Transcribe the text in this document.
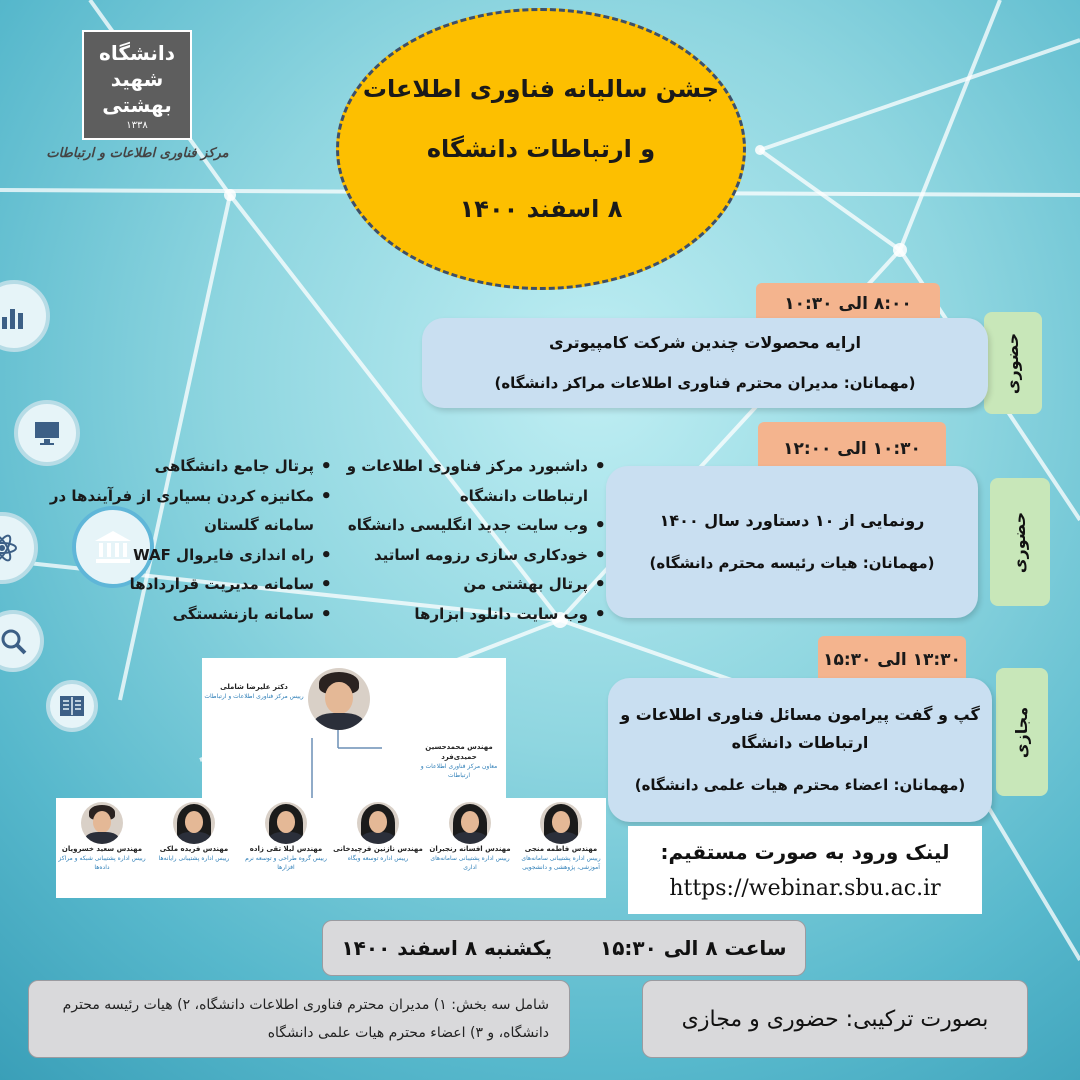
دانشگاه
شهید
بهشتی
۱۳۳۸
مرکز فناوری اطلاعات و ارتباطات
جشن سالیانه فناوری اطلاعات
و ارتباطات دانشگاه
۸ اسفند ۱۴۰۰
۸:۰۰ الی ۱۰:۳۰
حضوری
ارایه محصولات چندین شرکت کامپیوتری
(مهمانان: مدیران محترم فناوری اطلاعات مراکز دانشگاه)
۱۰:۳۰ الی ۱۲:۰۰
حضوری
رونمایی از ۱۰ دستاورد سال ۱۴۰۰
(مهمانان: هیات رئیسه محترم دانشگاه)
۱۳:۳۰ الی ۱۵:۳۰
مجازی
گپ و گفت پیرامون مسائل فناوری اطلاعات و
ارتباطات دانشگاه
(مهمانان: اعضاء محترم هیات علمی دانشگاه)
• داشبورد مرکز فناوری اطلاعات و
ارتباطات دانشگاه
• وب سایت جدید انگلیسی دانشگاه
• خودکاری سازی رزومه اساتید
• پرتال بهشتی من
• وب سایت دانلود ابزارها
• پرتال جامع دانشگاهی
• مکانیزه کردن بسیاری از فرآیندها در
سامانه گلستان
• راه اندازی فایروال WAF
• سامانه مدیریت قراردادها
• سامانه بازنشستگی
دکتر علیرضا شاملی
رییس مرکز فناوری اطلاعات و ارتباطات
مهندس محمدحسین حمیدی‌فرد
معاون مرکز فناوری اطلاعات و ارتباطات
مهندس سعید خسرویان
رییس اداره پشتیبانی شبکه و مراکز داده‌ها
مهندس فریده ملکی
رییس اداره پشتیبانی رایانه‌ها
مهندس لیلا تقی زاده
رییس گروه طراحی و توسعه نرم افزارها
مهندس نازنین فرچیدخانی
رییس اداره توسعه وبگاه
مهندس افسانه رنجبران
رییس اداره پشتیبانی سامانه‌های اداری
مهندس فاطمه منجی
رییس اداره پشتیبانی سامانه‌های آموزشی، پژوهشی و دانشجویی
لینک ورود به صورت مستقیم:
https://webinar.sbu.ac.ir
یکشنبه ۸ اسفند ۱۴۰۰ ساعت ۸ الی ۱۵:۳۰
شامل سه بخش: ۱) مدیران محترم فناوری اطلاعات دانشگاه، ۲) هیات رئیسه محترم دانشگاه، و ۳) اعضاء محترم هیات علمی دانشگاه
بصورت ترکیبی: حضوری و مجازی
